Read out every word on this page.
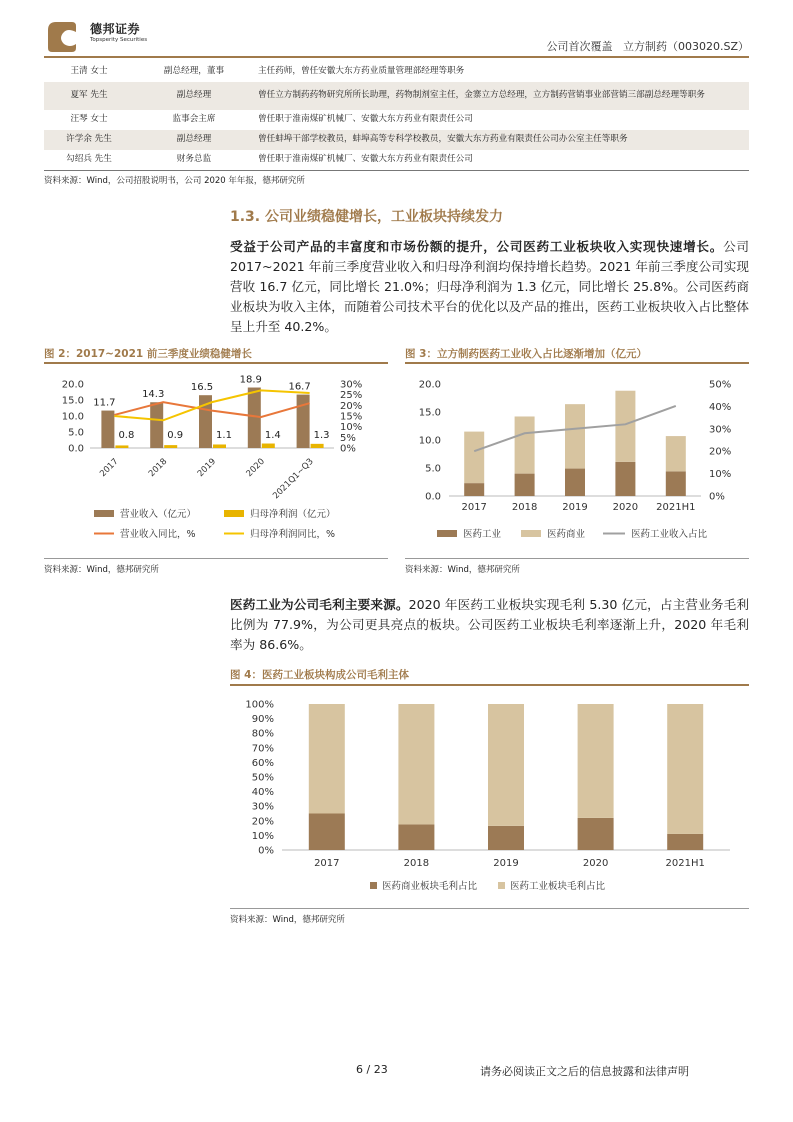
德邦证券
Topsperity Securities	公司首次覆盖 立方制药（003020.SZ）
王清 女士	副总经理，董事	主任药师，曾任安徽大东方药业质量管理部经理等职务
夏军 先生	副总经理	曾任立方制药药物研究所所长助理，药物制剂室主任，金寨立方总经理，立方制药营销事业部营销三部副总经理等职务
汪琴 女士	监事会主席	曾任职于淮南煤矿机械厂、安徽大东方药业有限责任公司
许学余 先生	副总经理	曾任蚌埠干部学校教员，蚌埠高等专科学校教员，安徽大东方药业有限责任公司办公室主任等职务
勾绍兵 先生	财务总监	曾任职于淮南煤矿机械厂、安徽大东方药业有限责任公司
资料来源：Wind，公司招股说明书，公司 2020 年年报，德邦研究所
1.3. 公司业绩稳健增长，工业板块持续发力
受益于公司产品的丰富度和市场份额的提升，公司医药工业板块收入实现快速增长。公司 2017~2021 年前三季度营业收入和归母净利润均保持增长趋势。2021 年前三季度公司实现营收 16.7 亿元，同比增长 21.0%；归母净利润为 1.3 亿元，同比增长 25.8%。公司医药商业板块为收入主体，而随着公司技术平台的优化以及产品的推出，医药工业板块收入占比整体呈上升至 40.2%。
图 2：2017~2021 前三季度业绩稳健增长
0.0
5.0
10.0
15.0
20.0
0%
5%
10%
15%
20%
25%
30%
11.7
0.8
2017
14.3
0.9
2018
16.5
1.1
2019
18.9
1.4
2020
16.7
1.3
2021Q1~Q3
营业收入（亿元）	归母净利润（亿元）
营业收入同比，%	归母净利润同比，%
资料来源：Wind，德邦研究所
图 3：立方制药医药工业收入占比逐渐增加（亿元）
0.0
5.0
10.0
15.0
20.0
0%
10%
20%
30%
40%
50%
2017 2018 2019 2020 2021H1
医药工业	医药商业	医药工业收入占比
资料来源：Wind，德邦研究所
医药工业为公司毛利主要来源。2020 年医药工业板块实现毛利 5.30 亿元，占主营业务毛利比例为 77.9%，为公司更具亮点的板块。公司医药工业板块毛利率逐渐上升，2020 年毛利率为 86.6%。
图 4：医药工业板块构成公司毛利主体
0%
10%
20%
30%
40%
50%
60%
70%
80%
90%
100%
2017	2018	2019	2020	2021H1
医药商业板块毛利占比	医药工业板块毛利占比
资料来源：Wind，德邦研究所
6 / 23	请务必阅读正文之后的信息披露和法律声明
